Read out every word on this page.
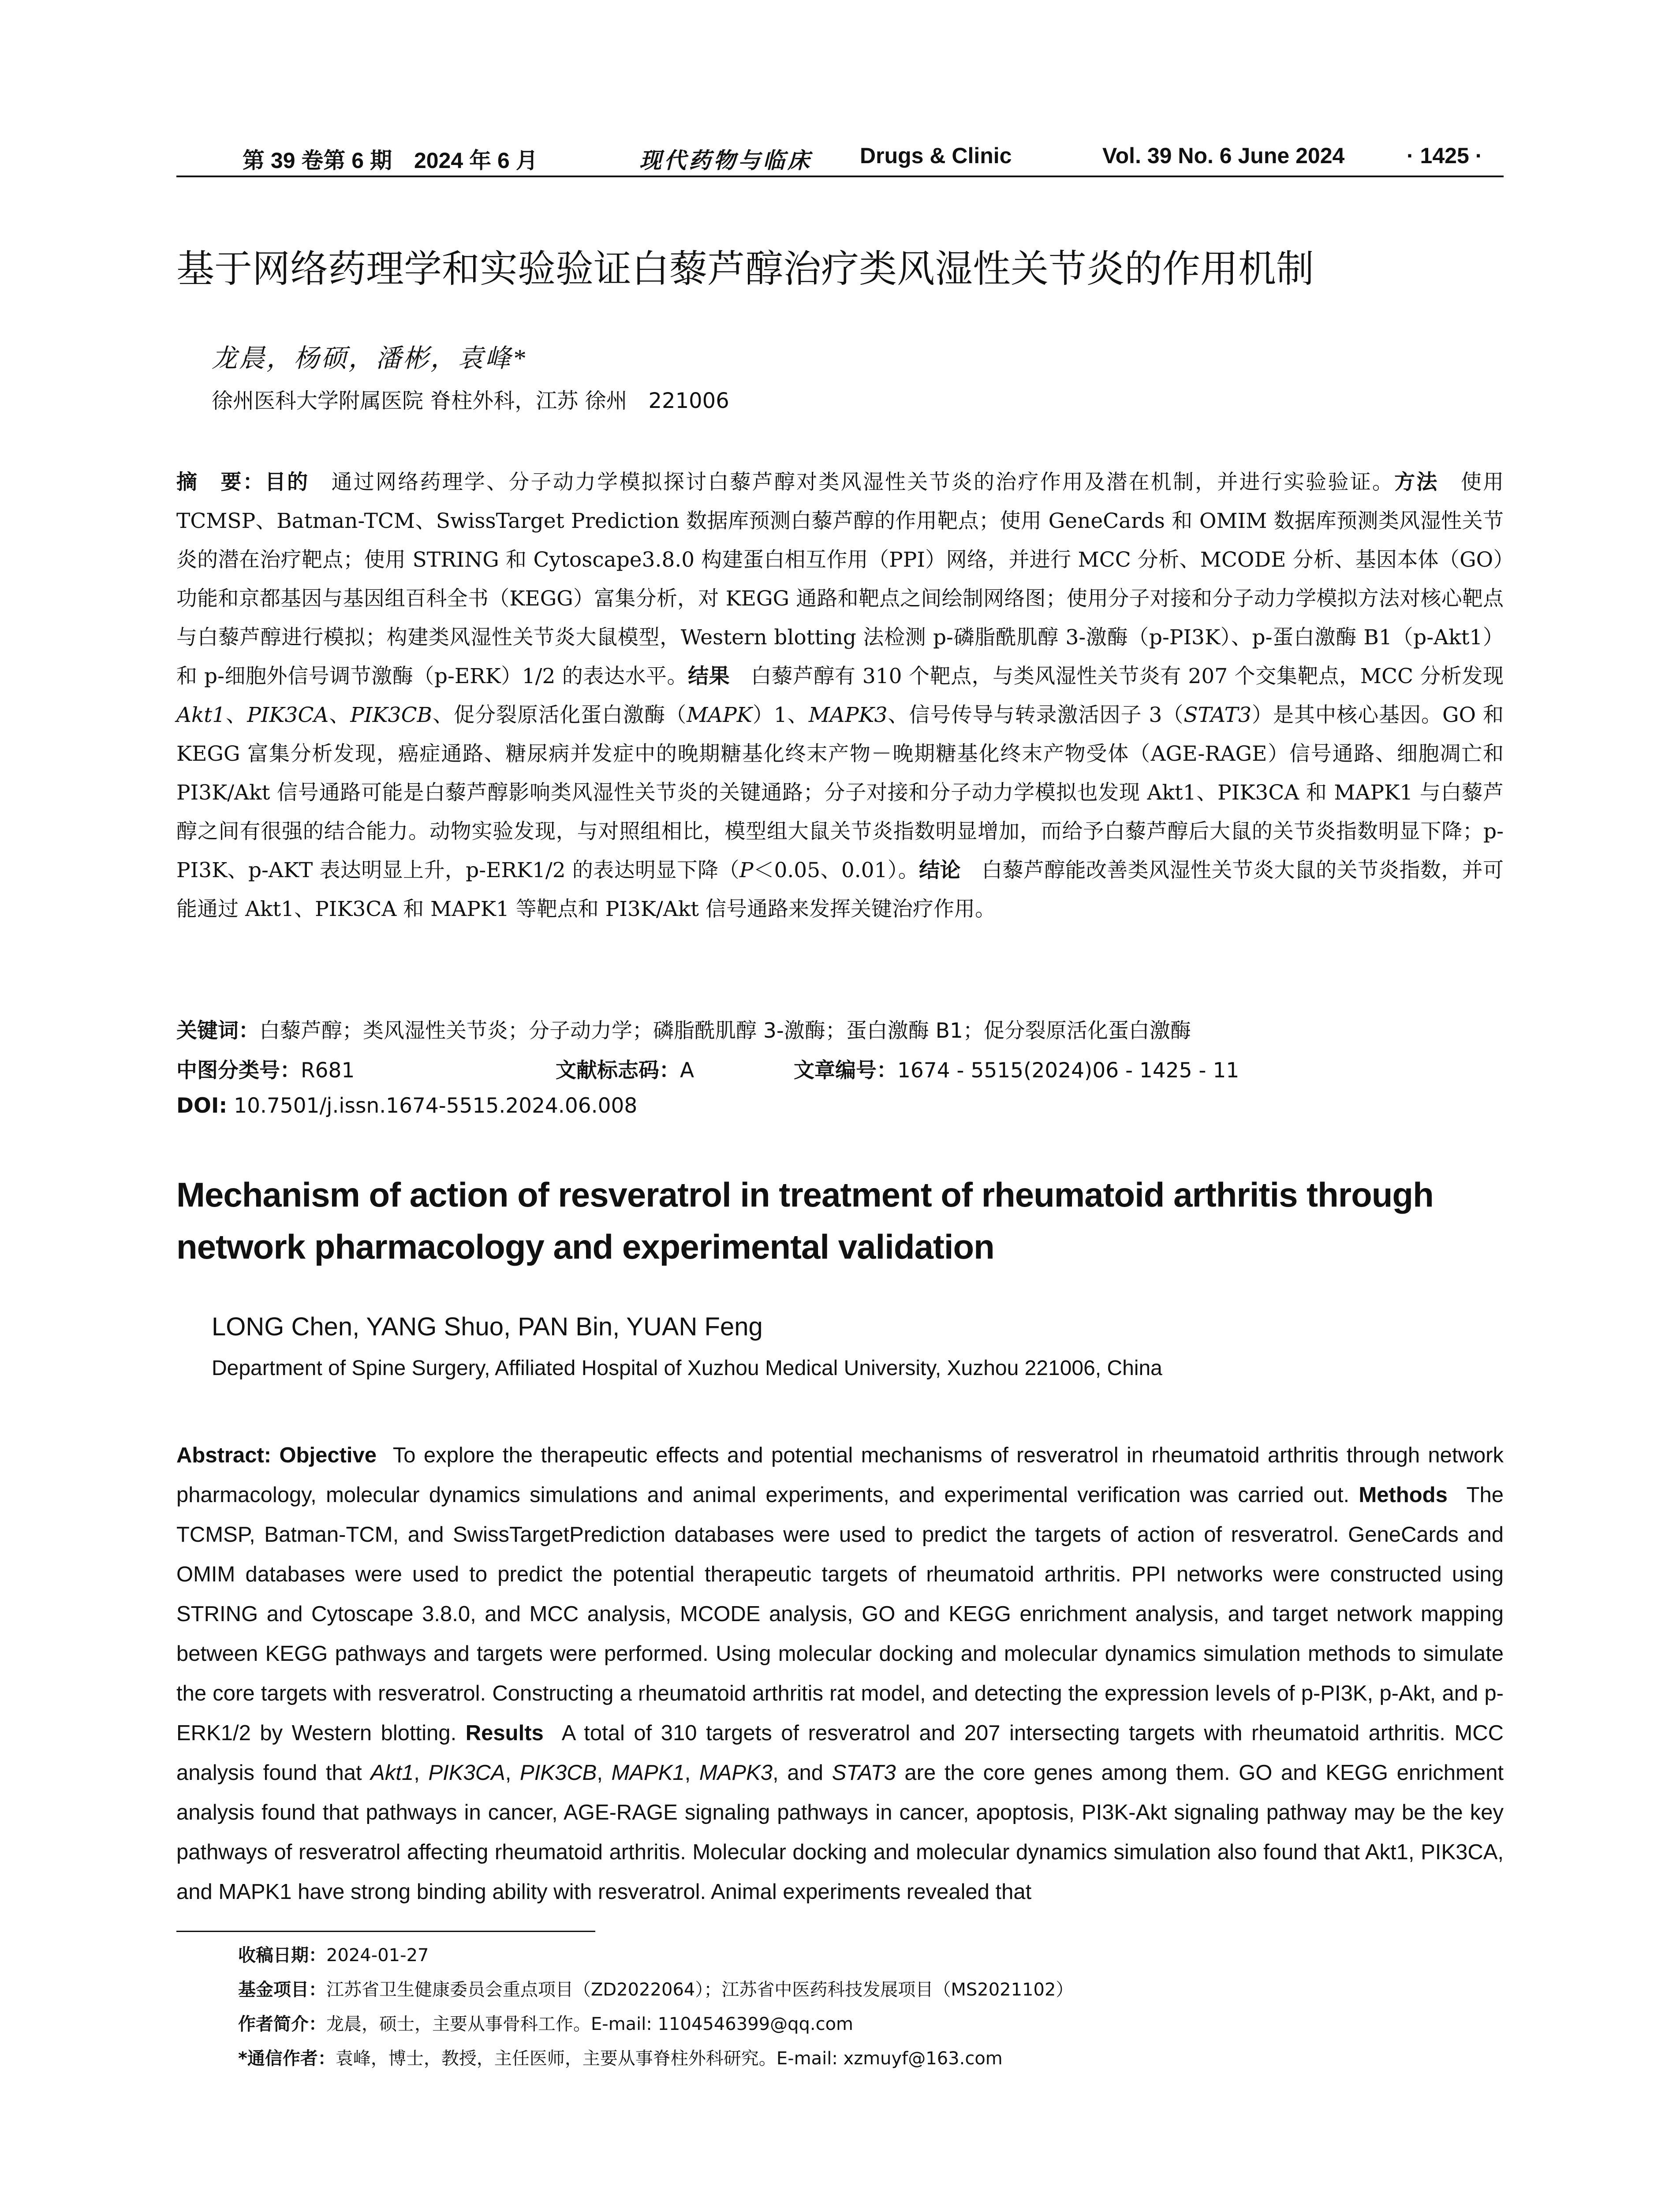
第 39 卷第 6 期　2024 年 6 月	现代药物与临床 Drugs & Clinic	Vol. 39 No. 6 June 2024	· 1425 ·
基于网络药理学和实验验证白藜芦醇治疗类风湿性关节炎的作用机制
龙晨，杨硕，潘彬，袁峰*
徐州医科大学附属医院 脊柱外科，江苏 徐州　221006
摘　要：目的　 通过网络药理学、分子动力学模拟探讨白藜芦醇对类风湿性关节炎的治疗作用及潜在机制，并进行实验验证。方法　 使用 TCMSP、Batman-TCM、SwissTarget Prediction 数据库预测白藜芦醇的作用靶点；使用 GeneCards 和 OMIM 数据库预测类风湿性关节炎的潜在治疗靶点；使用 STRING 和 Cytoscape3.8.0 构建蛋白相互作用（PPI）网络，并进行 MCC 分析、MCODE 分析、基因本体（GO）功能和京都基因与基因组百科全书（KEGG）富集分析，对 KEGG 通路和靶点之间绘制网络图；使用分子对接和分子动力学模拟方法对核心靶点与白藜芦醇进行模拟；构建类风湿性关节炎大鼠模型，Western blotting 法检测 p-磷脂酰肌醇 3-激酶（p-PI3K）、p-蛋白激酶 B1（p-Akt1）和 p-细胞外信号调节激酶（p-ERK）1/2 的表达水平。结果　 白藜芦醇有 310 个靶点，与类风湿性关节炎有 207 个交集靶点，MCC 分析发现 Akt1、PIK3CA、PIK3CB、促分裂原活化蛋白激酶（MAPK）1、MAPK3、信号传导与转录激活因子 3（STAT3）是其中核心基因。GO 和 KEGG 富集分析发现，癌症通路、糖尿病并发症中的晚期糖基化终末产物－晚期糖基化终末产物受体（AGE-RAGE）信号通路、细胞凋亡和 PI3K/Akt 信号通路可能是白藜芦醇影响类风湿性关节炎的关键通路；分子对接和分子动力学模拟也发现 Akt1、PIK3CA 和 MAPK1 与白藜芦醇之间有很强的结合能力。动物实验发现，与对照组相比，模型组大鼠关节炎指数明显增加，而给予白藜芦醇后大鼠的关节炎指数明显下降；p-PI3K、p-AKT 表达明显上升，p-ERK1/2 的表达明显下降（P＜0.05、0.01）。结论　 白藜芦醇能改善类风湿性关节炎大鼠的关节炎指数，并可能通过 Akt1、PIK3CA 和 MAPK1 等靶点和 PI3K/Akt 信号通路来发挥关键治疗作用。
关键词：白藜芦醇；类风湿性关节炎；分子动力学；磷脂酰肌醇 3-激酶；蛋白激酶 B1；促分裂原活化蛋白激酶
中图分类号：R681	文献标志码：A	文章编号：1674 - 5515(2024)06 - 1425 - 11
DOI: 10.7501/j.issn.1674-5515.2024.06.008
Mechanism of action of resveratrol in treatment of rheumatoid arthritis through network pharmacology and experimental validation
LONG Chen, YANG Shuo, PAN Bin, YUAN Feng
Department of Spine Surgery, Affiliated Hospital of Xuzhou Medical University, Xuzhou 221006, China
Abstract: Objective To explore the therapeutic effects and potential mechanisms of resveratrol in rheumatoid arthritis through network pharmacology, molecular dynamics simulations and animal experiments, and experimental verification was carried out. Methods The TCMSP, Batman-TCM, and SwissTargetPrediction databases were used to predict the targets of action of resveratrol. GeneCards and OMIM databases were used to predict the potential therapeutic targets of rheumatoid arthritis. PPI networks were constructed using STRING and Cytoscape 3.8.0, and MCC analysis, MCODE analysis, GO and KEGG enrichment analysis, and target network mapping between KEGG pathways and targets were performed. Using molecular docking and molecular dynamics simulation methods to simulate the core targets with resveratrol. Constructing a rheumatoid arthritis rat model, and detecting the expression levels of p-PI3K, p-Akt, and p-ERK1/2 by Western blotting. Results A total of 310 targets of resveratrol and 207 intersecting targets with rheumatoid arthritis. MCC analysis found that Akt1, PIK3CA, PIK3CB, MAPK1, MAPK3, and STAT3 are the core genes among them. GO and KEGG enrichment analysis found that pathways in cancer, AGE-RAGE signaling pathways in cancer, apoptosis, PI3K-Akt signaling pathway may be the key pathways of resveratrol affecting rheumatoid arthritis. Molecular docking and molecular dynamics simulation also found that Akt1, PIK3CA, and MAPK1 have strong binding ability with resveratrol. Animal experiments revealed that
收稿日期：2024-01-27
基金项目：江苏省卫生健康委员会重点项目（ZD2022064）；江苏省中医药科技发展项目（MS2021102）
作者简介：龙晨，硕士，主要从事骨科工作。E-mail: 1104546399@qq.com
*通信作者：袁峰，博士，教授，主任医师，主要从事脊柱外科研究。E-mail: xzmuyf@163.com
